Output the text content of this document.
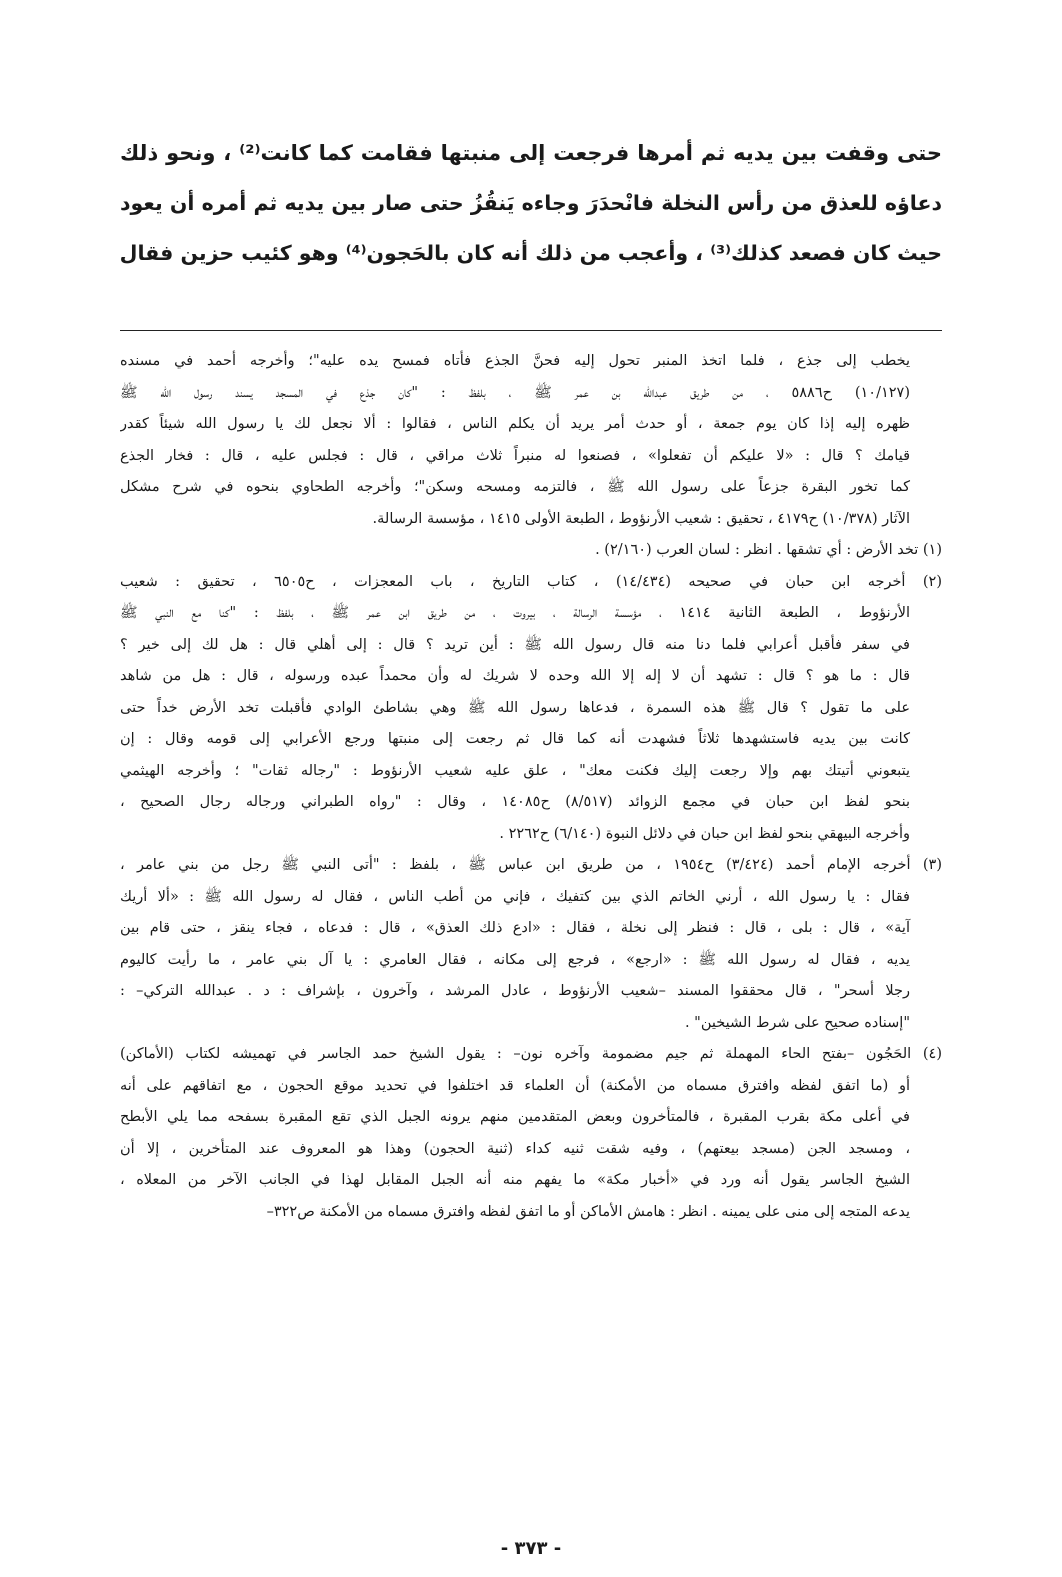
حتى وقفت بين يديه ثم أمرها فرجعت إلى منبتها فقامت كما كانت⁽²⁾ ، ونحو ذلك
دعاؤه للعذق من رأس النخلة فانْحدَرَ وجاءه يَنقُزُ حتى صار بين يديه ثم أمره أن يعود
حيث كان فصعد كذلك⁽³⁾ ، وأعجب من ذلك أنه كان بالحَجون⁽⁴⁾ وهو كئيب حزين فقال
يخطب إلى جذع ، فلما اتخذ المنبر تحول إليه فحنَّ الجذع فأتاه فمسح يده عليه"؛ وأخرجه أحمد في مسنده
(١٠/١٢٧) ح٥٨٨٦ ، من طريق عبدالله بن عمر ﷺ ، بلفظ : "كان جذع في المسجد يسند رسول الله ﷺ
ظهره إليه إذا كان يوم جمعة ، أو حدث أمر يريد أن يكلم الناس ، فقالوا : ألا نجعل لك يا رسول الله شيئاً كقدر
قيامك ؟ قال : «لا عليكم أن تفعلوا» ، فصنعوا له منبراً ثلاث مراقي ، قال : فجلس عليه ، قال : فخار الجذع
كما تخور البقرة جزعاً على رسول الله ﷺ ، فالتزمه ومسحه وسكن"؛ وأخرجه الطحاوي بنحوه في شرح مشكل
الآثار (١٠/٣٧٨) ح٤١٧٩ ، تحقيق : شعيب الأرنؤوط ، الطبعة الأولى ١٤١٥ ، مؤسسة الرسالة.
(١) تخد الأرض : أي تشقها . انظر : لسان العرب (٢/١٦٠) .
(٢) أخرجه ابن حبان في صحيحه (١٤/٤٣٤) ، كتاب التاريخ ، باب المعجزات ، ح٦٥٠٥ ، تحقيق : شعيب
الأرنؤوط ، الطبعة الثانية ١٤١٤ ، مؤسسة الرسالة ، بيروت ، من طريق ابن عمر ﷺ ، بلفظ : "كنا مع النبي ﷺ
في سفر فأقبل أعرابي فلما دنا منه قال رسول الله ﷺ : أين تريد ؟ قال : إلى أهلي قال : هل لك إلى خير ؟
قال : ما هو ؟ قال : تشهد أن لا إله إلا الله وحده لا شريك له وأن محمداً عبده ورسوله ، قال : هل من شاهد
على ما تقول ؟ قال ﷺ هذه السمرة ، فدعاها رسول الله ﷺ وهي بشاطئ الوادي فأقبلت تخد الأرض خداً حتى
كانت بين يديه فاستشهدها ثلاثاً فشهدت أنه كما قال ثم رجعت إلى منبتها ورجع الأعرابي إلى قومه وقال : إن
يتبعوني أتيتك بهم وإلا رجعت إليك فكنت معك" ، علق عليه شعيب الأرنؤوط : "رجاله ثقات" ؛ وأخرجه الهيثمي
بنحو لفظ ابن حبان في مجمع الزوائد (٨/٥١٧) ح١٤٠٨٥ ، وقال : "رواه الطبراني ورجاله رجال الصحيح ،
وأخرجه البيهقي بنحو لفظ ابن حبان في دلائل النبوة (٦/١٤٠) ح٢٢٦٢ .
(٣) أخرجه الإمام أحمد (٣/٤٢٤) ح١٩٥٤ ، من طريق ابن عباس ﷺ ، بلفظ : "أتى النبي ﷺ رجل من بني عامر ،
فقال : يا رسول الله ، أرني الخاتم الذي بين كتفيك ، فإني من أطب الناس ، فقال له رسول الله ﷺ : «ألا أريك
آية» ، قال : بلى ، قال : فنظر إلى نخلة ، فقال : «ادع ذلك العذق» ، قال : فدعاه ، فجاء ينقز ، حتى قام بين
يديه ، فقال له رسول الله ﷺ : «ارجع» ، فرجع إلى مكانه ، فقال العامري : يا آل بني عامر ، ما رأيت كاليوم
رجلا أسحر" ، قال محققوا المسند –شعيب الأرنؤوط ، عادل المرشد ، وآخرون ، بإشراف : د . عبدالله التركي– :
"إسناده صحيح على شرط الشيخين" .
(٤) الحَجُون –بفتح الحاء المهملة ثم جيم مضمومة وآخره نون– : يقول الشيخ حمد الجاسر في تهميشه لكتاب (الأماكن)
أو (ما اتفق لفظه وافترق مسماه من الأمكنة) أن العلماء قد اختلفوا في تحديد موقع الحجون ، مع اتفاقهم على أنه
في أعلى مكة بقرب المقبرة ، فالمتأخرون وبعض المتقدمين منهم يرونه الجبل الذي تقع المقبرة بسفحه مما يلي الأبطح
، ومسجد الجن (مسجد بيعتهم) ، وفيه شقت ثنيه كداء (ثنية الحجون) وهذا هو المعروف عند المتأخرين ، إلا أن
الشيخ الجاسر يقول أنه ورد في «أخبار مكة» ما يفهم منه أنه الجبل المقابل لهذا في الجانب الآخر من المعلاه ،
يدعه المتجه إلى منى على يمينه . انظر : هامش الأماكن أو ما اتفق لفظه وافترق مسماه من الأمكنة ص٣٢٢–
- ٣٧٣ -
